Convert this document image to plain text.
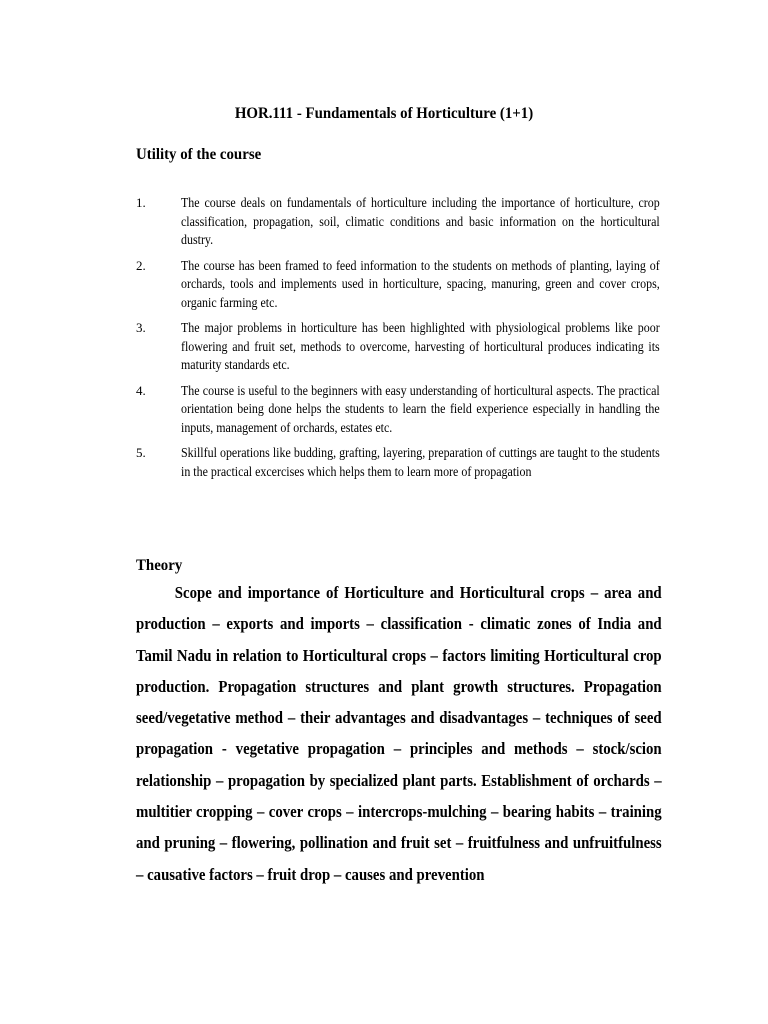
HOR.111 - Fundamentals of Horticulture (1+1)
Utility of the course
1.	The course deals on fundamentals of horticulture including the importance of horticulture, crop classification, propagation, soil, climatic conditions and basic information on the horticultural dustry.
2.	The course has been framed to feed information to the students on methods of planting, laying of orchards, tools and implements used in horticulture, spacing, manuring, green and cover crops, organic farming etc.
3.	The major problems in horticulture has been highlighted with physiological problems like poor flowering and fruit set, methods to overcome, harvesting of horticultural produces indicating its maturity standards etc.
4.	The course is useful to the beginners with easy understanding of horticultural aspects. The practical orientation being done helps the students to learn the field experience especially in handling the inputs, management of orchards, estates etc.
5.	Skillful operations like budding, grafting, layering, preparation of cuttings are taught to the students in the practical excercises which helps them to learn more of propagation
Theory
Scope and importance of Horticulture and Horticultural crops – area and production – exports and imports – classification - climatic zones of India and Tamil Nadu in relation to Horticultural crops – factors limiting Horticultural crop production. Propagation structures and plant growth structures. Propagation seed/vegetative method – their advantages and disadvantages – techniques of seed propagation - vegetative propagation – principles and methods – stock/scion relationship – propagation by specialized plant parts. Establishment of orchards – multitier cropping – cover crops – intercrops-mulching – bearing habits – training and pruning – flowering, pollination and fruit set – fruitfulness and unfruitfulness – causative factors – fruit drop – causes and prevention
